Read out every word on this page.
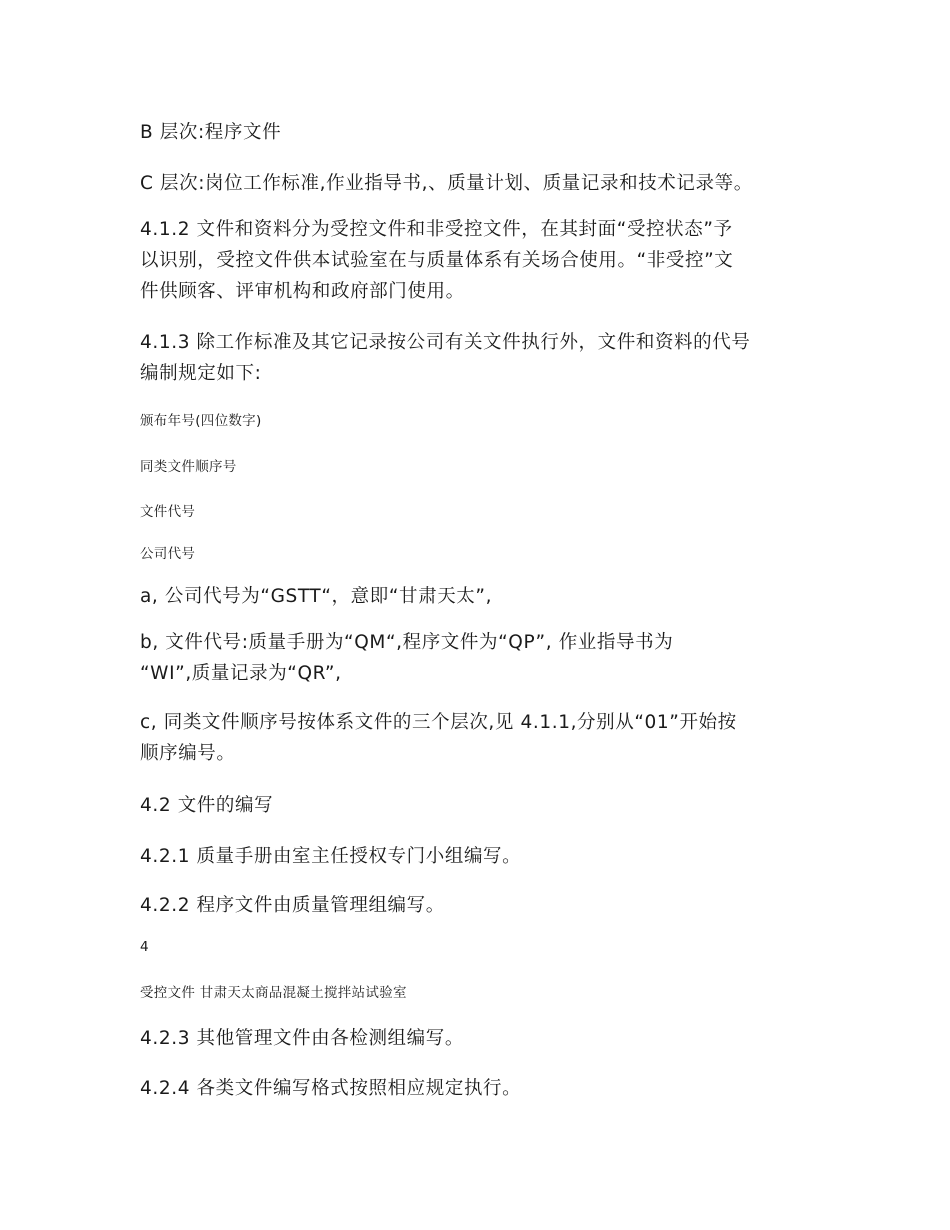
B 层次:程序文件

C 层次:岗位工作标准,作业指导书,、质量计划、质量记录和技术记录等。

4.1.2 文件和资料分为受控文件和非受控文件，在其封面“受控状态”予
以识别，受控文件供本试验室在与质量体系有关场合使用。“非受控”文
件供顾客、评审机构和政府部门使用。
4.1.3 除工作标准及其它记录按公司有关文件执行外，文件和资料的代号
编制规定如下:

颁布年号(四位数字)

同类文件顺序号

文件代号

公司代号

a, 公司代号为“GSTT“，意即“甘肃天太”,

b, 文件代号:质量手册为“QM“,程序文件为“QP”, 作业指导书为
“WI”,质量记录为“QR”,
c, 同类文件顺序号按体系文件的三个层次,见 4.1.1,分别从“01”开始按
顺序编号。

4.2 文件的编写

4.2.1 质量手册由室主任授权专门小组编写。

4.2.2 程序文件由质量管理组编写。

4

受控文件 甘肃天太商品混凝土搅拌站试验室

4.2.3 其他管理文件由各检测组编写。

4.2.4 各类文件编写格式按照相应规定执行。
